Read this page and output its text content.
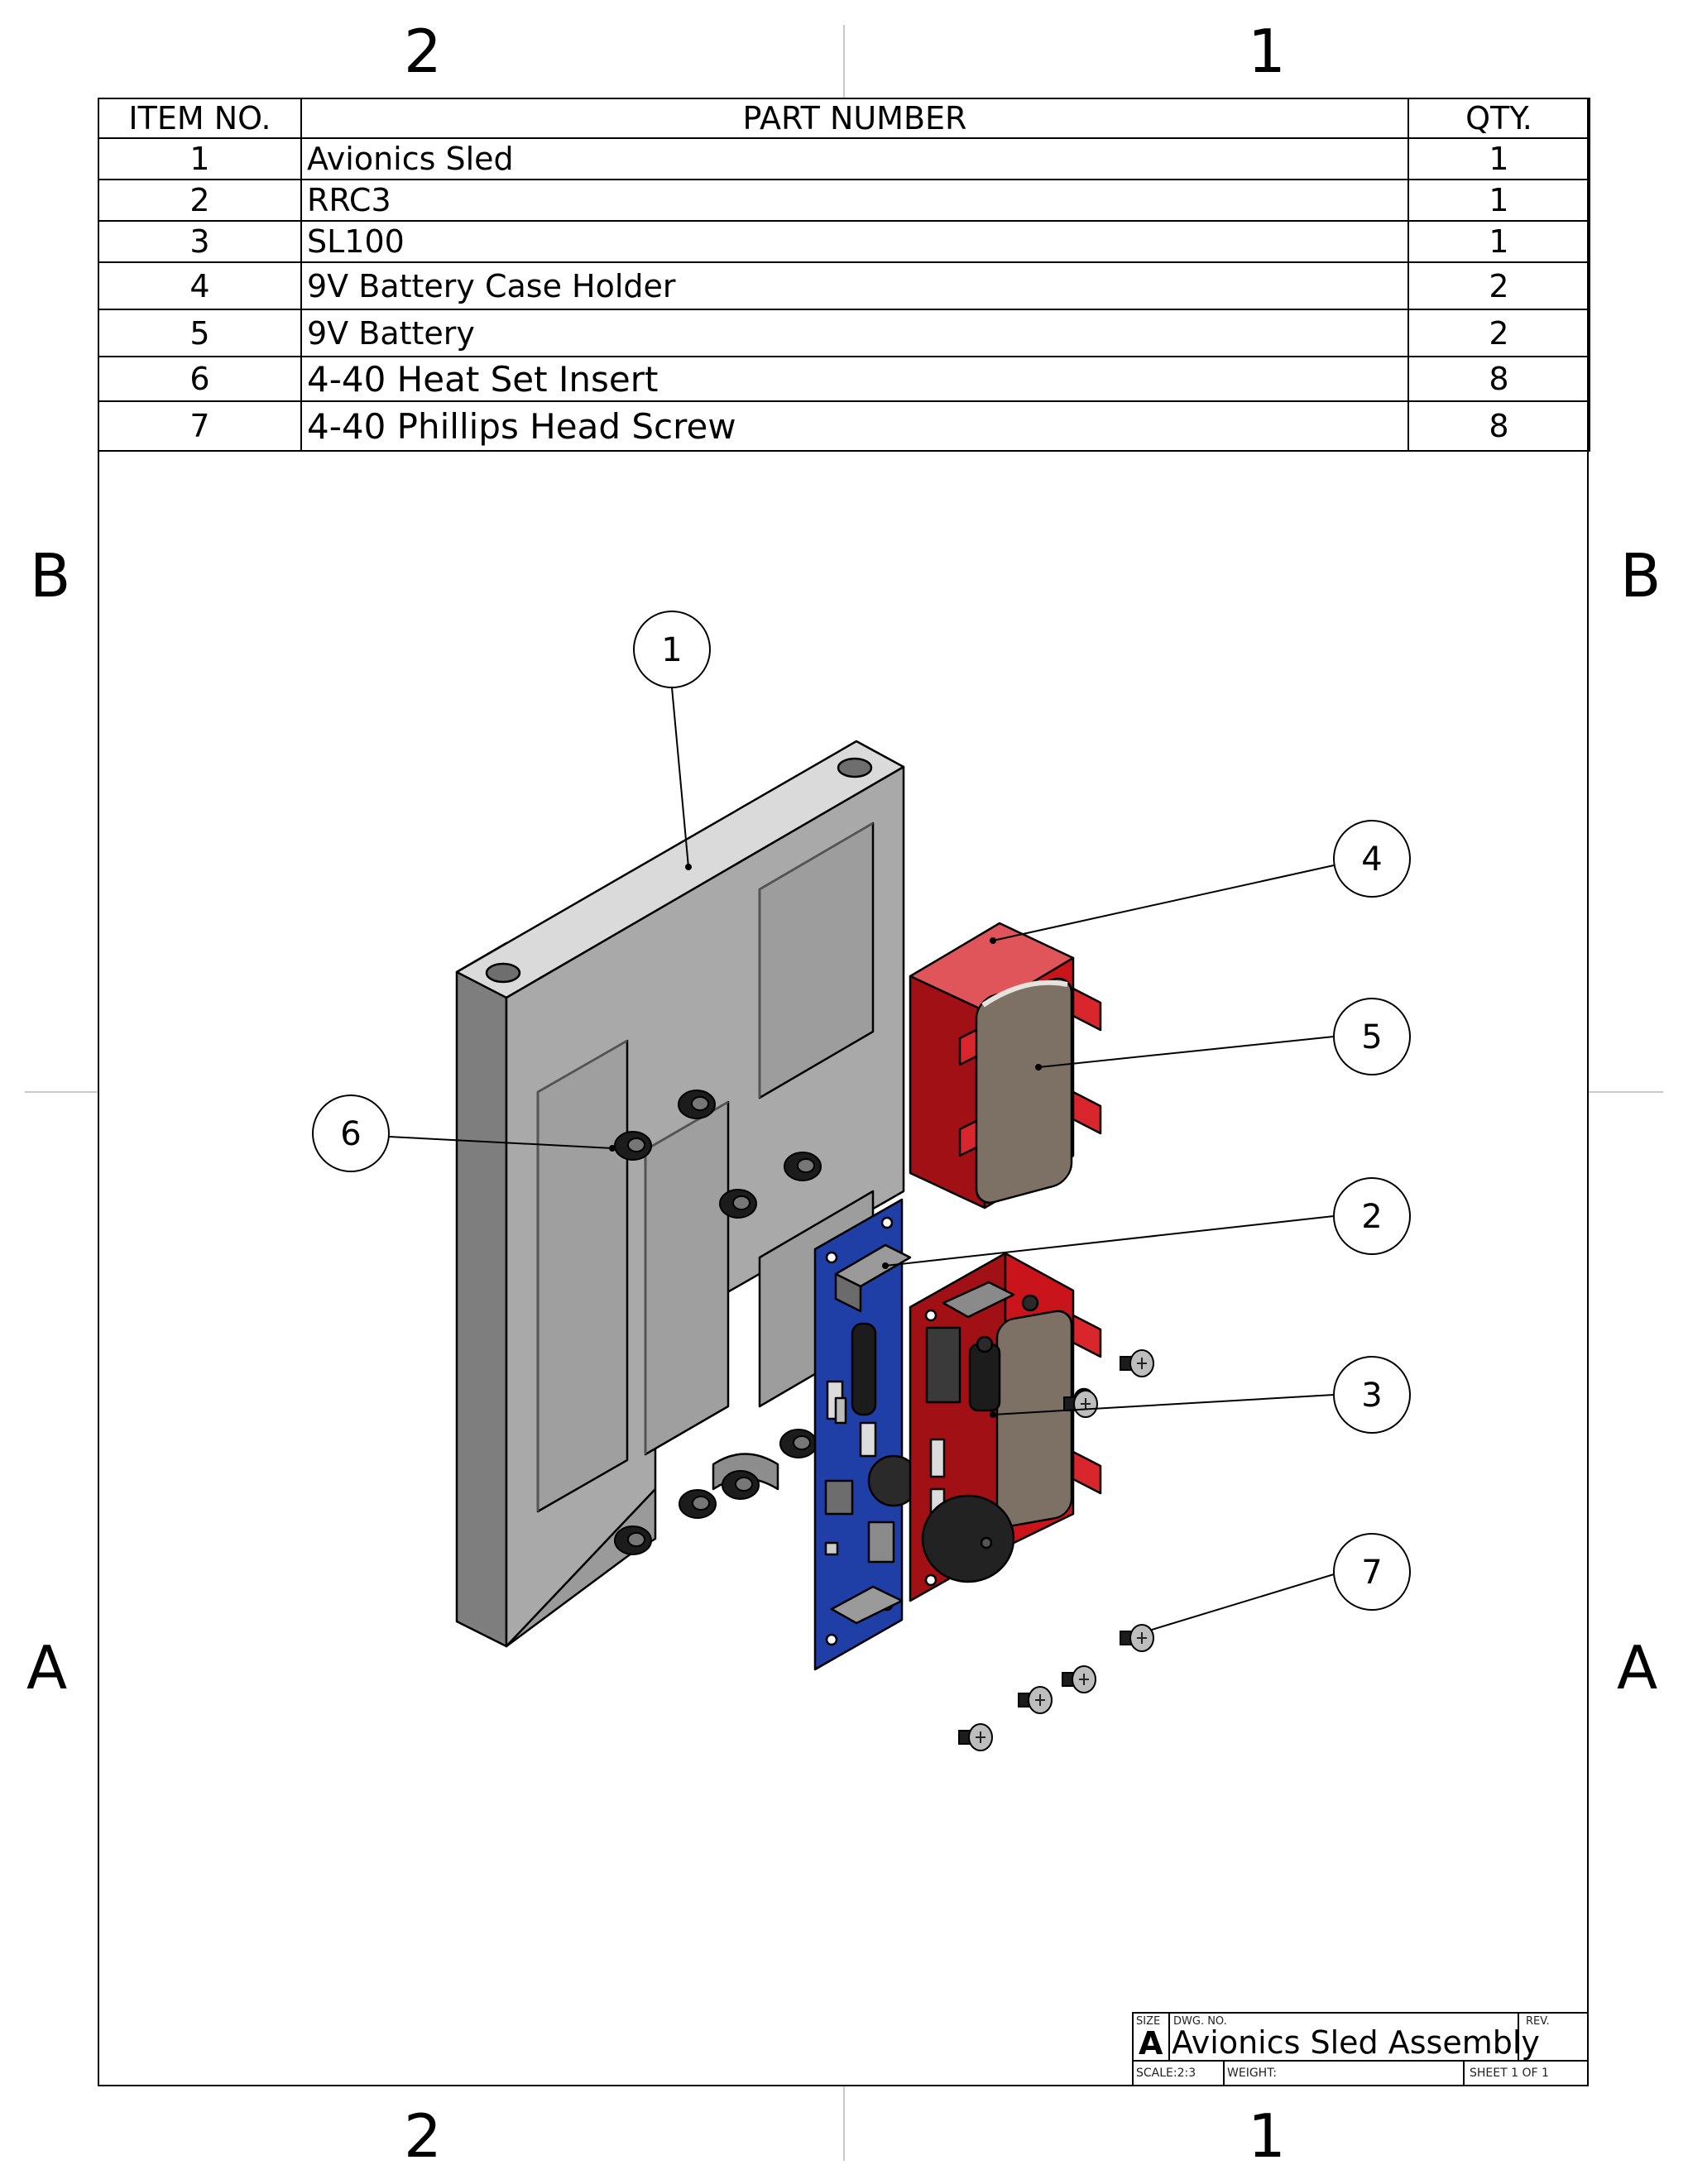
2	1
2	1
B
A
B
A
ITEM NO.	PART NUMBER	QTY.
1	Avionics Sled	1
2	RRC3	1
3	SL100	1
4	9V Battery Case Holder	2
5	9V Battery	2
6	4-40 Heat Set Insert	8
7	4-40 Phillips Head Screw	8
1
4
5
2
3
6
7
SIZE
A
DWG. NO.
Avionics Sled Assembly
REV.
SCALE:2:3	WEIGHT:	SHEET 1 OF 1
